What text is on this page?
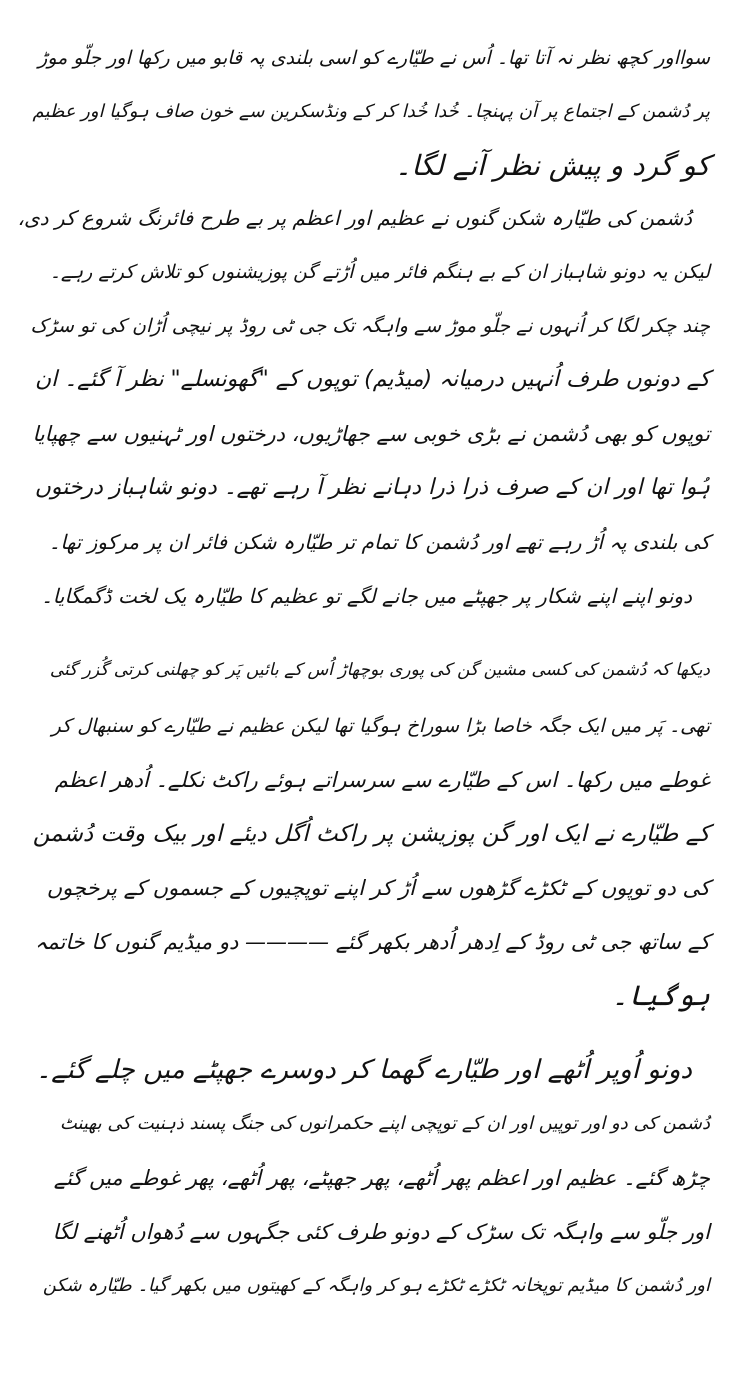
سوااور کچھ نظر نہ آتا تھا۔ اُس نے طیّارے کو اسی بلندی پہ قابو میں رکھا اور جلّو موڑ
پر دُشمن کے اجتماع پر آن پہنچا۔ خُدا خُدا کر کے ونڈسکرین سے خون صاف ہوگیا اور عظیم
کو گرد و پیش نظر آنے لگا۔
دُشمن کی طیّارہ شکن گنوں نے عظیم اور اعظم پر بے طرح فائرنگ شروع کر دی،
لیکن یہ دونو شاہباز ان کے بے ہنگم فائر میں اُڑتے گن پوزیشنوں کو تلاش کرتے رہے۔
چند چکر لگا کر اُنہوں نے جلّو موڑ سے واہگہ تک جی ٹی روڈ پر نیچی اُڑان کی تو سڑک
کے دونوں طرف اُنہیں درمیانہ (میڈیم) توپوں کے "گھونسلے" نظر آ گئے۔ ان
توپوں کو بھی دُشمن نے بڑی خوبی سے جھاڑیوں، درختوں اور ٹہنیوں سے چھپایا
ہُوا تھا اور ان کے صرف ذرا ذرا دہانے نظر آ رہے تھے۔ دونو شاہباز درختوں
کی بلندی پہ اُڑ رہے تھے اور دُشمن کا تمام تر طیّارہ شکن فائر ان پر مرکوز تھا۔
دونو اپنے اپنے شکار پر جھپٹے میں جانے لگے تو عظیم کا طیّارہ یک لخت ڈگمگایا۔
دیکھا کہ دُشمن کی کسی مشین گن کی پوری بوچھاڑ اُس کے بائیں پَر کو چھلنی کرتی گُزر گئی
تھی۔ پَر میں ایک جگہ خاصا بڑا سوراخ ہوگیا تھا لیکن عظیم نے طیّارے کو سنبھال کر
غوطے میں رکھا۔ اس کے طیّارے سے سرسراتے ہوئے راکٹ نکلے۔ اُدھر اعظم
کے طیّارے نے ایک اور گن پوزیشن پر راکٹ اُگل دیئے اور بیک وقت دُشمن
کی دو توپوں کے ٹکڑے گڑھوں سے اُڑ کر اپنے توپچیوں کے جسموں کے پرخچوں
کے ساتھ جی ٹی روڈ کے اِدھر اُدھر بکھر گئے ———— دو میڈیم گنوں کا خاتمہ
ہوگیا۔
دونو اُوپر اُٹھے اور طیّارے گھما کر دوسرے جھپٹے میں چلے گئے۔
دُشمن کی دو اور توپیں اور ان کے توپچی اپنے حکمرانوں کی جنگ پسند ذہنیت کی بھینٹ
چڑھ گئے۔ عظیم اور اعظم پھر اُٹھے، پھر جھپٹے، پھر اُٹھے، پھر غوطے میں گئے
اور جلّو سے واہگہ تک سڑک کے دونو طرف کئی جگہوں سے دُھواں اُٹھنے لگا
اور دُشمن کا میڈیم توپخانہ ٹکڑے ٹکڑے ہو کر واہگہ کے کھیتوں میں بکھر گیا۔ طیّارہ شکن
